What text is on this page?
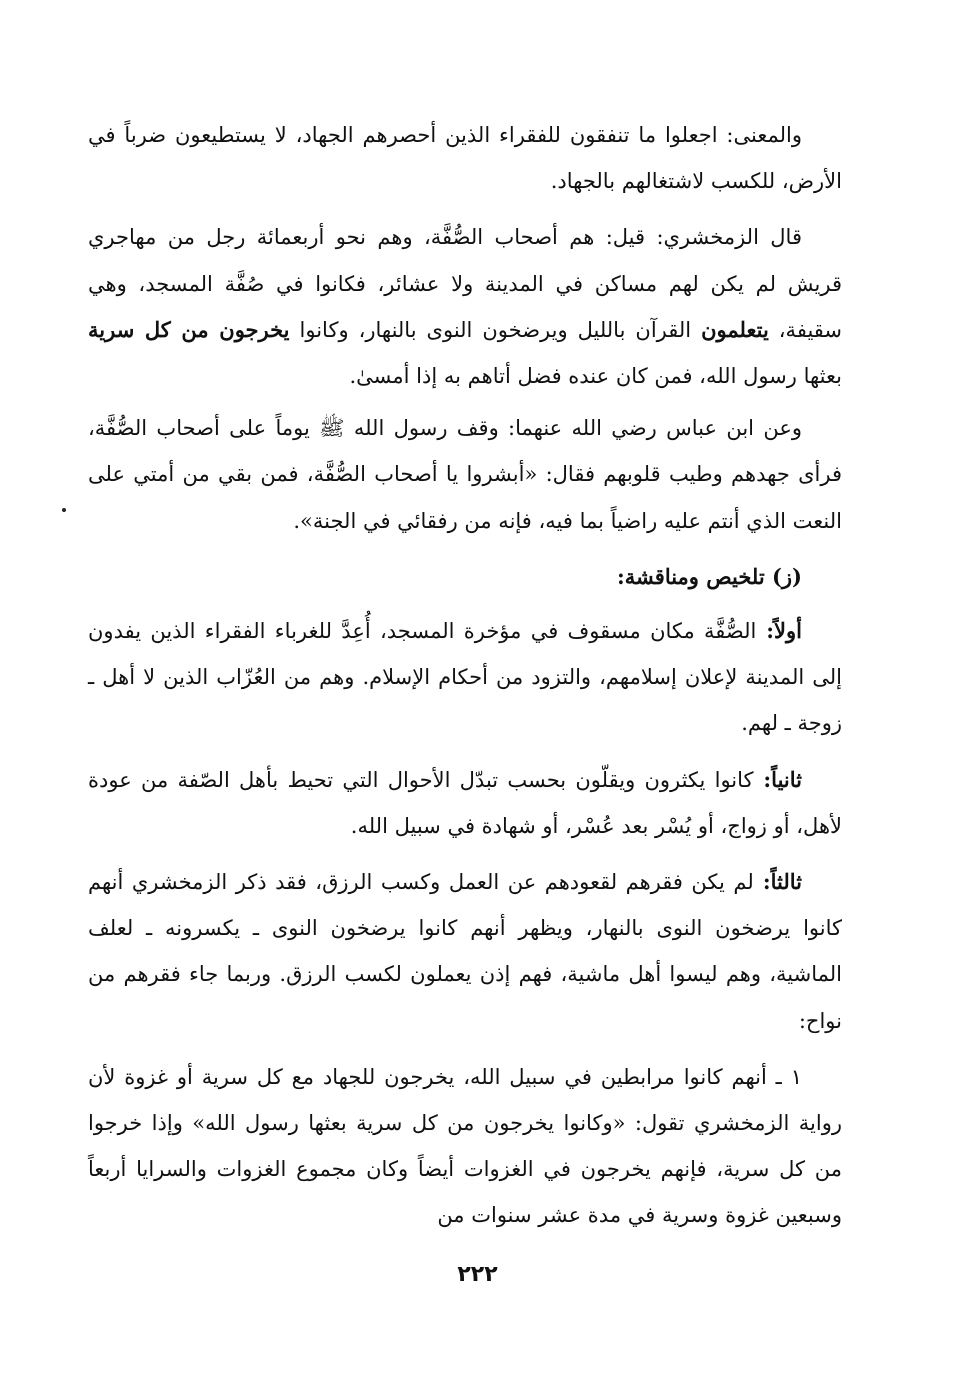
والمعنى: اجعلوا ما تنفقون للفقراء الذين أحصرهم الجهاد، لا يستطيعون ضرباً في الأرض، للكسب لاشتغالهم بالجهاد.

قال الزمخشري: قيل: هم أصحاب الصُّفَّة، وهم نحو أربعمائة رجل من مهاجري قريش لم يكن لهم مساكن في المدينة ولا عشائر، فكانوا في صُفَّة المسجد، وهي سقيفة، يتعلمون القرآن بالليل ويرضخون النوى بالنهار، وكانوا يخرجون من كل سرية بعثها رسول الله، فمن كان عنده فضل أتاهم به إذا أمسىٰ.

وعن ابن عباس رضي الله عنهما: وقف رسول الله ﷺ يوماً على أصحاب الصُّفَّة، فرأى جهدهم وطيب قلوبهم فقال: «أبشروا يا أصحاب الصُّفَّة، فمن بقي من أمتي على النعت الذي أنتم عليه راضياً بما فيه، فإنه من رفقائي في الجنة».

(ز) تلخيص ومناقشة:

أولاً: الصُّفَّة مكان مسقوف في مؤخرة المسجد، أُعِدَّ للغرباء الفقراء الذين يفدون إلى المدينة لإعلان إسلامهم، والتزود من أحكام الإسلام. وهم من العُزّاب الذين لا أهل ـ زوجة ـ لهم.

ثانياً: كانوا يكثرون ويقلّون بحسب تبدّل الأحوال التي تحيط بأهل الصّفة من عودة لأهل، أو زواج، أو يُسْر بعد عُسْر، أو شهادة في سبيل الله.

ثالثاً: لم يكن فقرهم لقعودهم عن العمل وكسب الرزق، فقد ذكر الزمخشري أنهم كانوا يرضخون النوى بالنهار، ويظهر أنهم كانوا يرضخون النوى ـ يكسرونه ـ لعلف الماشية، وهم ليسوا أهل ماشية، فهم إذن يعملون لكسب الرزق. وربما جاء فقرهم من نواح:

١ ـ أنهم كانوا مرابطين في سبيل الله، يخرجون للجهاد مع كل سرية أو غزوة لأن رواية الزمخشري تقول: «وكانوا يخرجون من كل سرية بعثها رسول الله» وإذا خرجوا من كل سرية، فإنهم يخرجون في الغزوات أيضاً وكان مجموع الغزوات والسرايا أربعاً وسبعين غزوة وسرية في مدة عشر سنوات من

٢٢٢
